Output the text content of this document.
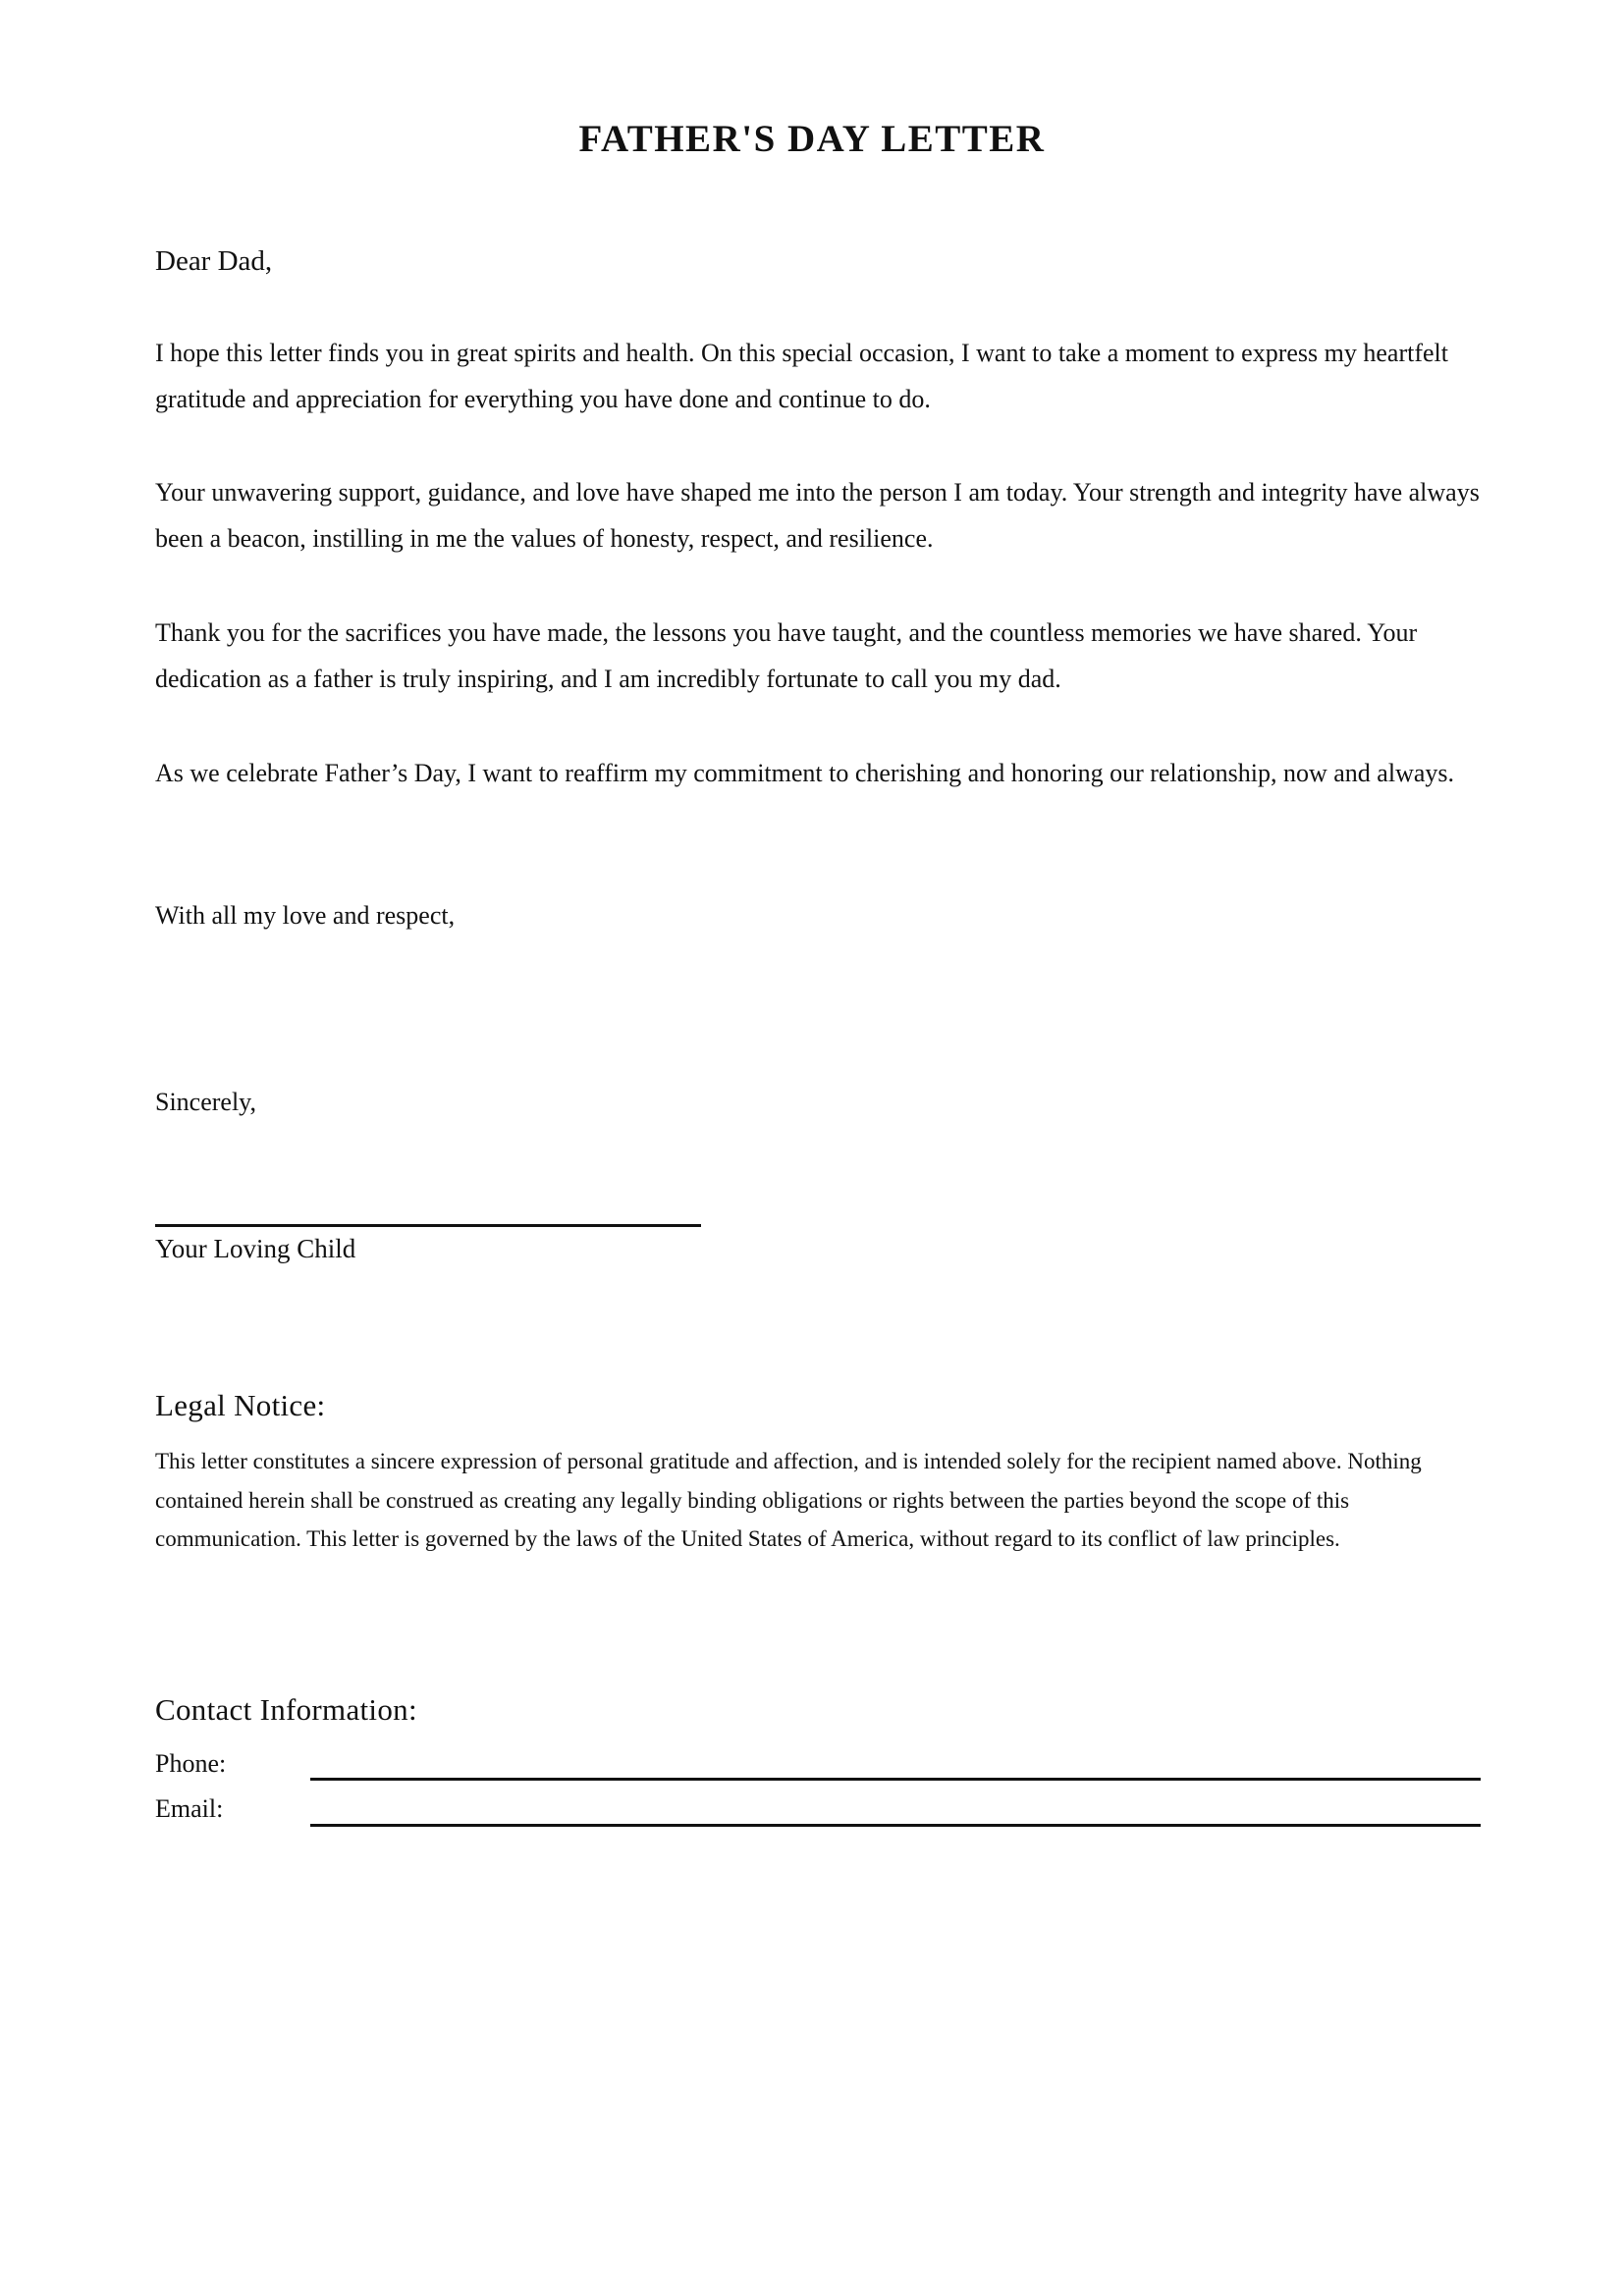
FATHER'S DAY LETTER

Dear Dad,

I hope this letter finds you in great spirits and health. On this special occasion, I want to take a moment to express my heartfelt gratitude and appreciation for everything you have done and continue to do.

Your unwavering support, guidance, and love have shaped me into the person I am today. Your strength and integrity have always been a beacon, instilling in me the values of honesty, respect, and resilience.

Thank you for the sacrifices you have made, the lessons you have taught, and the countless memories we have shared. Your dedication as a father is truly inspiring, and I am incredibly fortunate to call you my dad.

As we celebrate Father’s Day, I want to reaffirm my commitment to cherishing and honoring our relationship, now and always.

With all my love and respect,

Sincerely,

Your Loving Child

Legal Notice:

This letter constitutes a sincere expression of personal gratitude and affection, and is intended solely for the recipient named above. Nothing contained herein shall be construed as creating any legally binding obligations or rights between the parties beyond the scope of this communication. This letter is governed by the laws of the United States of America, without regard to its conflict of law principles.

Contact Information:
Phone:
Email:
